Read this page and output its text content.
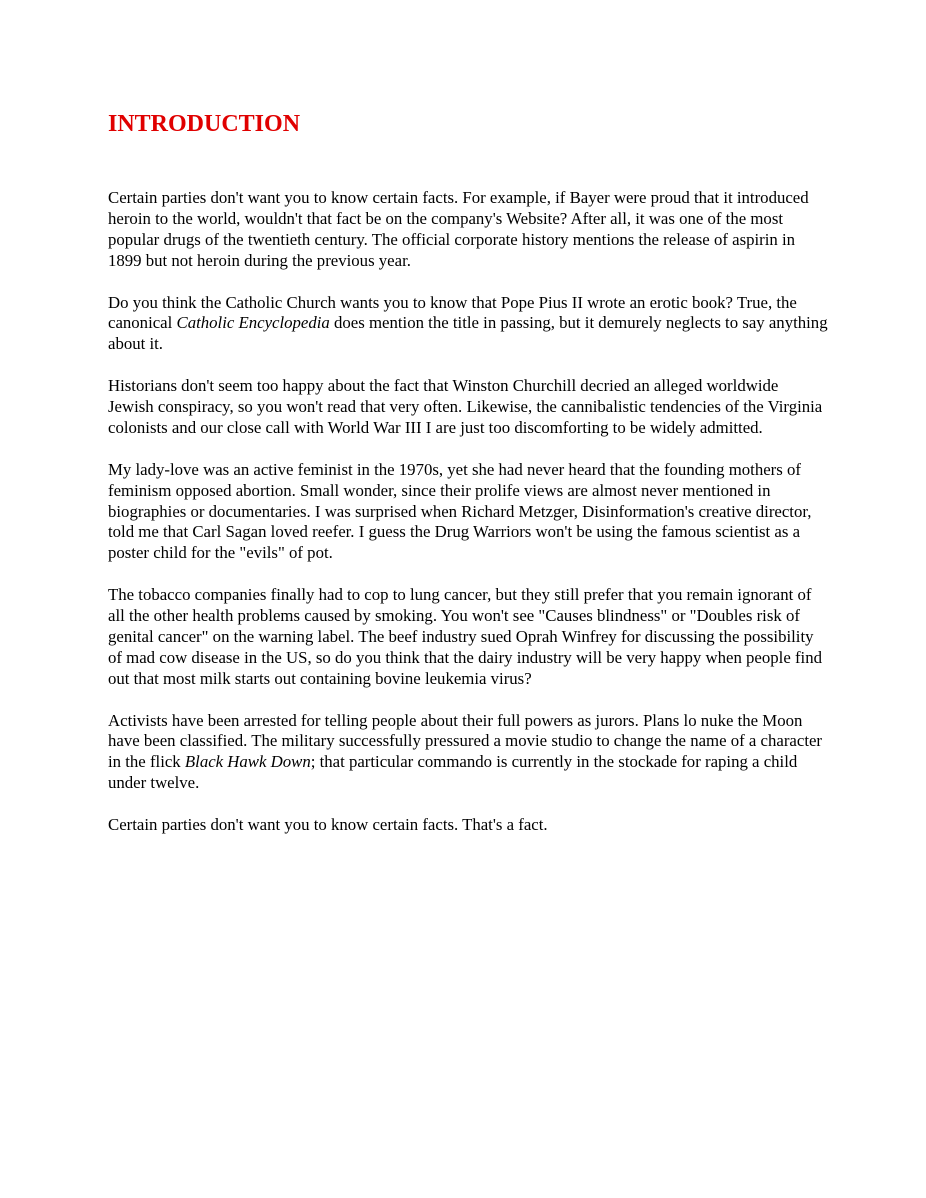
INTRODUCTION

Certain parties don't want you to know certain facts. For example, if Bayer were proud that it introduced heroin to the world, wouldn't that fact be on the company's Website? After all, it was one of the most popular drugs of the twentieth century. The official corporate history mentions the release of aspirin in 1899 but not heroin during the previous year.

Do you think the Catholic Church wants you to know that Pope Pius II wrote an erotic book? True, the canonical Catholic Encyclopedia does mention the title in passing, but it demurely neglects to say anything about it.

Historians don't seem too happy about the fact that Winston Churchill decried an alleged worldwide Jewish conspiracy, so you won't read that very often. Likewise, the cannibalistic tendencies of the Virginia colonists and our close call with World War III I are just too discomforting to be widely admitted.

My lady-love was an active feminist in the 1970s, yet she had never heard that the founding mothers of feminism opposed abortion. Small wonder, since their prolife views are almost never mentioned in biographies or documentaries. I was surprised when Richard Metzger, Disinformation's creative director, told me that Carl Sagan loved reefer. I guess the Drug Warriors won't be using the famous scientist as a poster child for the "evils" of pot.

The tobacco companies finally had to cop to lung cancer, but they still prefer that you remain ignorant of all the other health problems caused by smoking. You won't see "Causes blindness" or "Doubles risk of genital cancer" on the warning label. The beef industry sued Oprah Winfrey for discussing the possibility of mad cow disease in the US, so do you think that the dairy industry will be very happy when people find out that most milk starts out containing bovine leukemia virus?

Activists have been arrested for telling people about their full powers as jurors. Plans lo nuke the Moon have been classified. The military successfully pressured a movie studio to change the name of a character in the flick Black Hawk Down; that particular commando is currently in the stockade for raping a child under twelve.

Certain parties don't want you to know certain facts. That's a fact.
